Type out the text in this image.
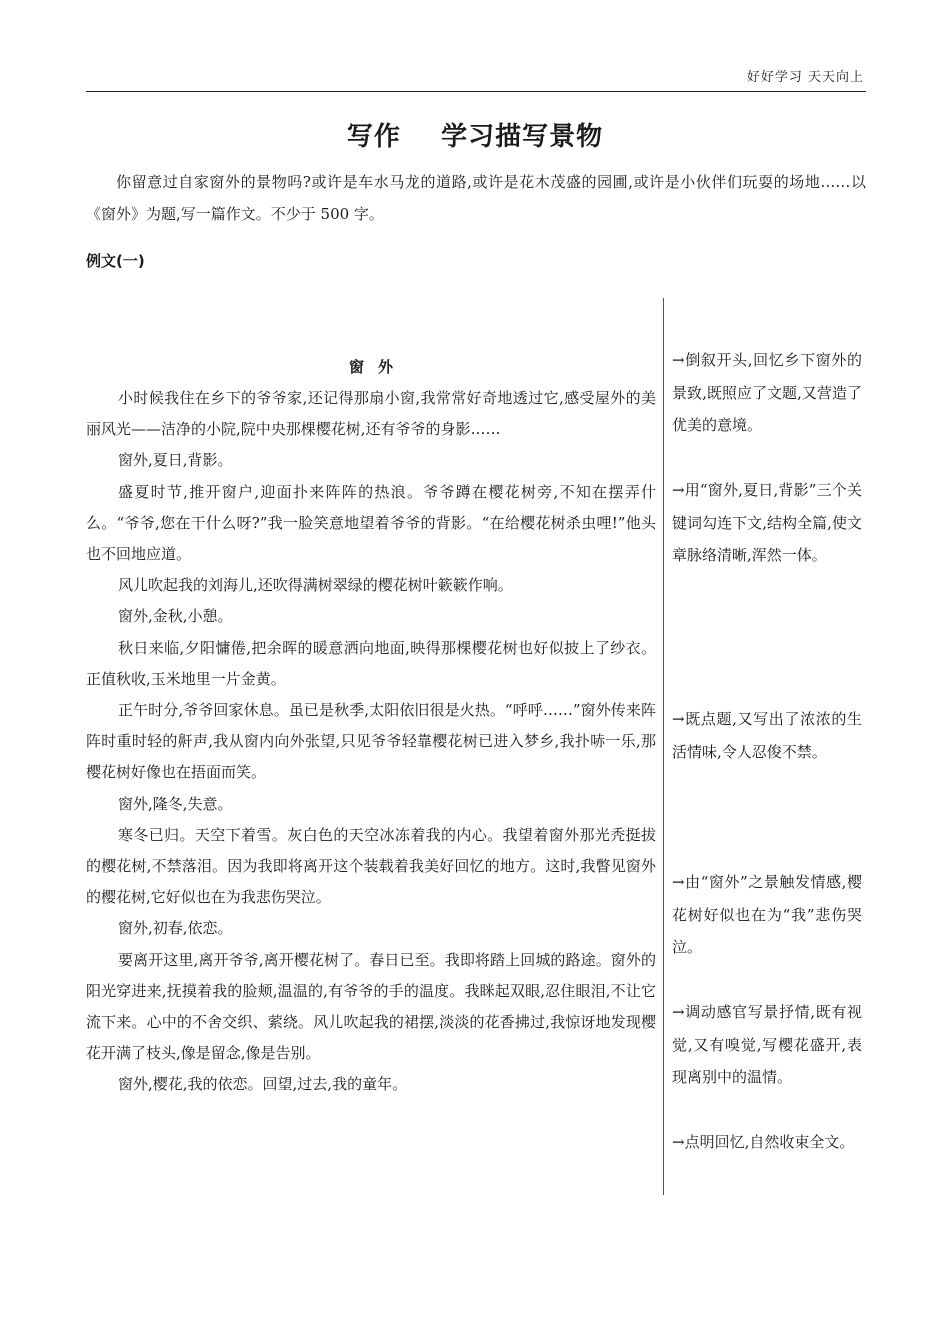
好好学习 天天向上
写作    学习描写景物
你留意过自家窗外的景物吗?或许是车水马龙的道路,或许是花木茂盛的园圃,或许是小伙伴们玩耍的场地……以《窗外》为题,写一篇作文。不少于 500 字。
例文(一)
窗外

小时候我住在乡下的爷爷家,还记得那扇小窗,我常常好奇地透过它,感受屋外的美丽风光——洁净的小院,院中央那棵樱花树,还有爷爷的身影……

窗外,夏日,背影。

盛夏时节,推开窗户,迎面扑来阵阵的热浪。爷爷蹲在樱花树旁,不知在摆弄什么。“爷爷,您在干什么呀?”我一脸笑意地望着爷爷的背影。“在给樱花树杀虫哩!”他头也不回地应道。

风儿吹起我的刘海儿,还吹得满树翠绿的樱花树叶簌簌作响。

窗外,金秋,小憩。

秋日来临,夕阳慵倦,把余晖的暖意洒向地面,映得那棵樱花树也好似披上了纱衣。正值秋收,玉米地里一片金黄。

正午时分,爷爷回家休息。虽已是秋季,太阳依旧很是火热。“呼呼……”窗外传来阵阵时重时轻的鼾声,我从窗内向外张望,只见爷爷轻靠樱花树已进入梦乡,我扑哧一乐,那樱花树好像也在捂面而笑。

窗外,隆冬,失意。

寒冬已归。天空下着雪。灰白色的天空冰冻着我的内心。我望着窗外那光秃挺拔的樱花树,不禁落泪。因为我即将离开这个装载着我美好回忆的地方。这时,我瞥见窗外的樱花树,它好似也在为我悲伤哭泣。

窗外,初春,依恋。

要离开这里,离开爷爷,离开樱花树了。春日已至。我即将踏上回城的路途。窗外的阳光穿进来,抚摸着我的脸颊,温温的,有爷爷的手的温度。我眯起双眼,忍住眼泪,不让它流下来。心中的不舍交织、萦绕。风儿吹起我的裙摆,淡淡的花香拂过,我惊讶地发现樱花开满了枝头,像是留念,像是告别。

窗外,樱花,我的依恋。回望,过去,我的童年。

→倒叙开头,回忆乡下窗外的景致,既照应了文题,又营造了优美的意境。
→用“窗外,夏日,背影”三个关键词勾连下文,结构全篇,使文章脉络清晰,浑然一体。
→既点题,又写出了浓浓的生活情味,令人忍俊不禁。
→由“窗外”之景触发情感,樱花树好似也在为“我”悲伤哭泣。
→调动感官写景抒情,既有视觉,又有嗅觉,写樱花盛开,表现离别中的温情。
→点明回忆,自然收束全文。
